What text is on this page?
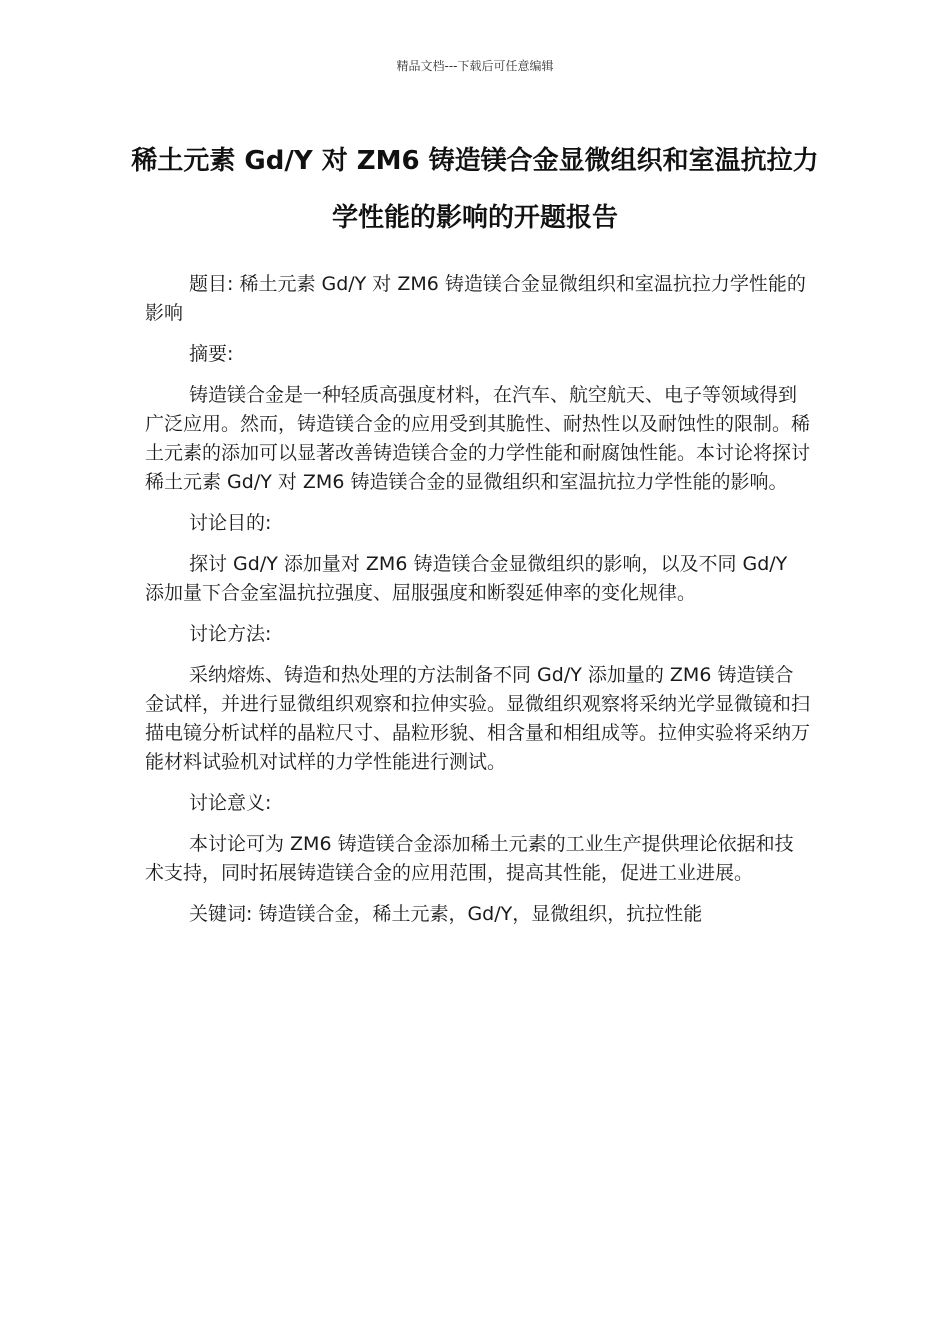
精品文档---下载后可任意编辑
稀土元素 Gd/Y 对 ZM6 铸造镁合金显微组织和室温抗拉力学性能的影响的开题报告

题目: 稀土元素 Gd/Y 对 ZM6 铸造镁合金显微组织和室温抗拉力学性能的影响

摘要:

铸造镁合金是一种轻质高强度材料，在汽车、航空航天、电子等领域得到广泛应用。然而，铸造镁合金的应用受到其脆性、耐热性以及耐蚀性的限制。稀土元素的添加可以显著改善铸造镁合金的力学性能和耐腐蚀性能。本讨论将探讨稀土元素 Gd/Y 对 ZM6 铸造镁合金的显微组织和室温抗拉力学性能的影响。

讨论目的:

探讨 Gd/Y 添加量对 ZM6 铸造镁合金显微组织的影响，以及不同 Gd/Y 添加量下合金室温抗拉强度、屈服强度和断裂延伸率的变化规律。

讨论方法:

采纳熔炼、铸造和热处理的方法制备不同 Gd/Y 添加量的 ZM6 铸造镁合金试样，并进行显微组织观察和拉伸实验。显微组织观察将采纳光学显微镜和扫描电镜分析试样的晶粒尺寸、晶粒形貌、相含量和相组成等。拉伸实验将采纳万能材料试验机对试样的力学性能进行测试。

讨论意义:

本讨论可为 ZM6 铸造镁合金添加稀土元素的工业生产提供理论依据和技术支持，同时拓展铸造镁合金的应用范围，提高其性能，促进工业进展。

关键词: 铸造镁合金，稀土元素，Gd/Y，显微组织，抗拉性能
